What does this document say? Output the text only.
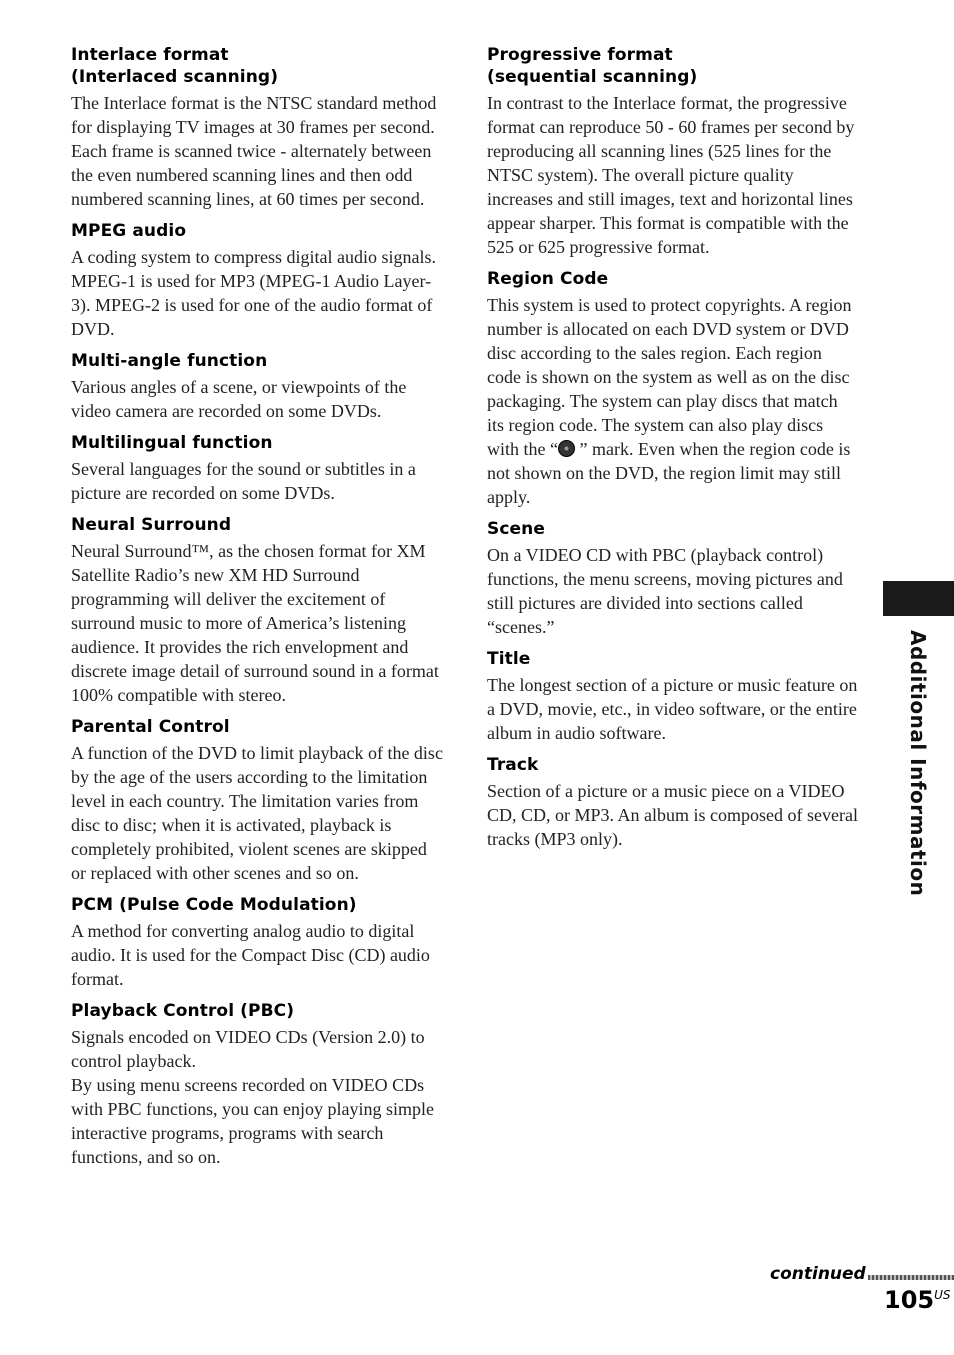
Interlace format
(Interlaced scanning)

The Interlace format is the NTSC standard method for displaying TV images at 30 frames per second. Each frame is scanned twice - alternately between the even numbered scanning lines and then odd numbered scanning lines, at 60 times per second.

MPEG audio

A coding system to compress digital audio signals. MPEG-1 is used for MP3 (MPEG-1 Audio Layer-3). MPEG-2 is used for one of the audio format of DVD.

Multi-angle function

Various angles of a scene, or viewpoints of the video camera are recorded on some DVDs.

Multilingual function

Several languages for the sound or subtitles in a picture are recorded on some DVDs.

Neural Surround

Neural Surround™, as the chosen format for XM Satellite Radio’s new XM HD Surround programming will deliver the excitement of surround music to more of America’s listening audience. It provides the rich envelopment and discrete image detail of surround sound in a format 100% compatible with stereo.

Parental Control

A function of the DVD to limit playback of the disc by the age of the users according to the limitation level in each country. The limitation varies from disc to disc; when it is activated, playback is completely prohibited, violent scenes are skipped or replaced with other scenes and so on.

PCM (Pulse Code Modulation)

A method for converting analog audio to digital audio. It is used for the Compact Disc (CD) audio format.

Playback Control (PBC)

Signals encoded on VIDEO CDs (Version 2.0) to control playback.

By using menu screens recorded on VIDEO CDs with PBC functions, you can enjoy playing simple interactive programs, programs with search functions, and so on.

Progressive format
(sequential scanning)

In contrast to the Interlace format, the progressive format can reproduce 50 - 60 frames per second by reproducing all scanning lines (525 lines for the NTSC system). The overall picture quality increases and still images, text and horizontal lines appear sharper. This format is compatible with the 525 or 625 progressive format.

Region Code

This system is used to protect copyrights. A region number is allocated on each DVD system or DVD disc according to the sales region. Each region code is shown on the system as well as on the disc packaging. The system can play discs that match its region code. The system can also play discs with the “ ” mark. Even when the region code is not shown on the DVD, the region limit may still apply.

Scene

On a VIDEO CD with PBC (playback control) functions, the menu screens, moving pictures and still pictures are divided into sections called “scenes.”

Title

The longest section of a picture or music feature on a DVD, movie, etc., in video software, or the entire album in audio software.

Track

Section of a picture or a music piece on a VIDEO CD, CD, or MP3. An album is composed of several tracks (MP3 only).	Additional Information
continued
$105^{US}$
